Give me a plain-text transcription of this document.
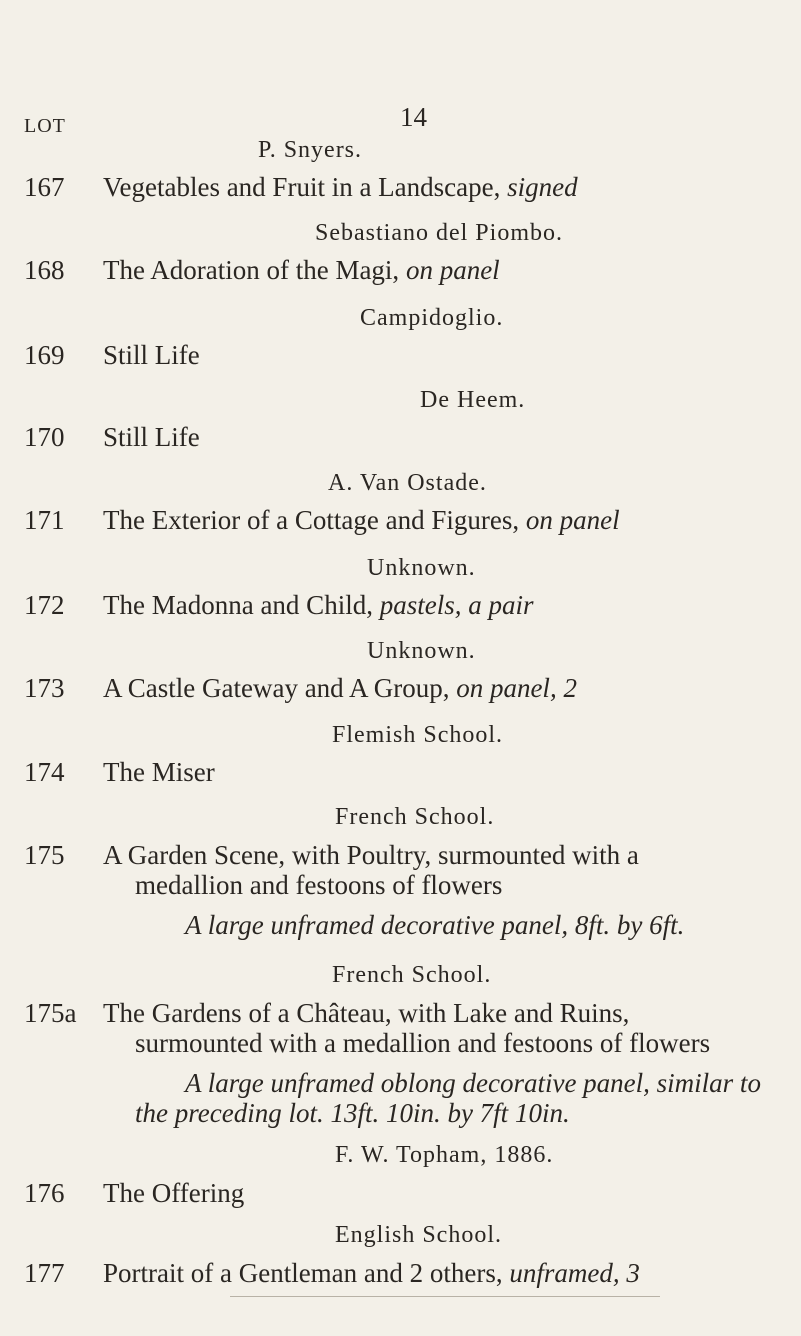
14
LOT
P. Snyers.
167 Vegetables and Fruit in a Landscape, signed
Sebastiano del Piombo.
168 The Adoration of the Magi, on panel
Campidoglio.
169 Still Life
De Heem.
170 Still Life
A. Van Ostade.
171 The Exterior of a Cottage and Figures, on panel
Unknown.
172 The Madonna and Child, pastels, a pair
Unknown.
173 A Castle Gateway and A Group, on panel, 2
Flemish School.
174 The Miser
French School.
175 A Garden Scene, with Poultry, surmounted with a
medallion and festoons of flowers
A large unframed decorative panel, 8ft. by 6ft.
French School.
175a The Gardens of a Château, with Lake and Ruins,
surmounted with a medallion and festoons of flowers
A large unframed oblong decorative panel, similar to
the preceding lot. 13ft. 10in. by 7ft 10in.
F. W. Topham, 1886.
176 The Offering
English School.
177 Portrait of a Gentleman and 2 others, unframed, 3
